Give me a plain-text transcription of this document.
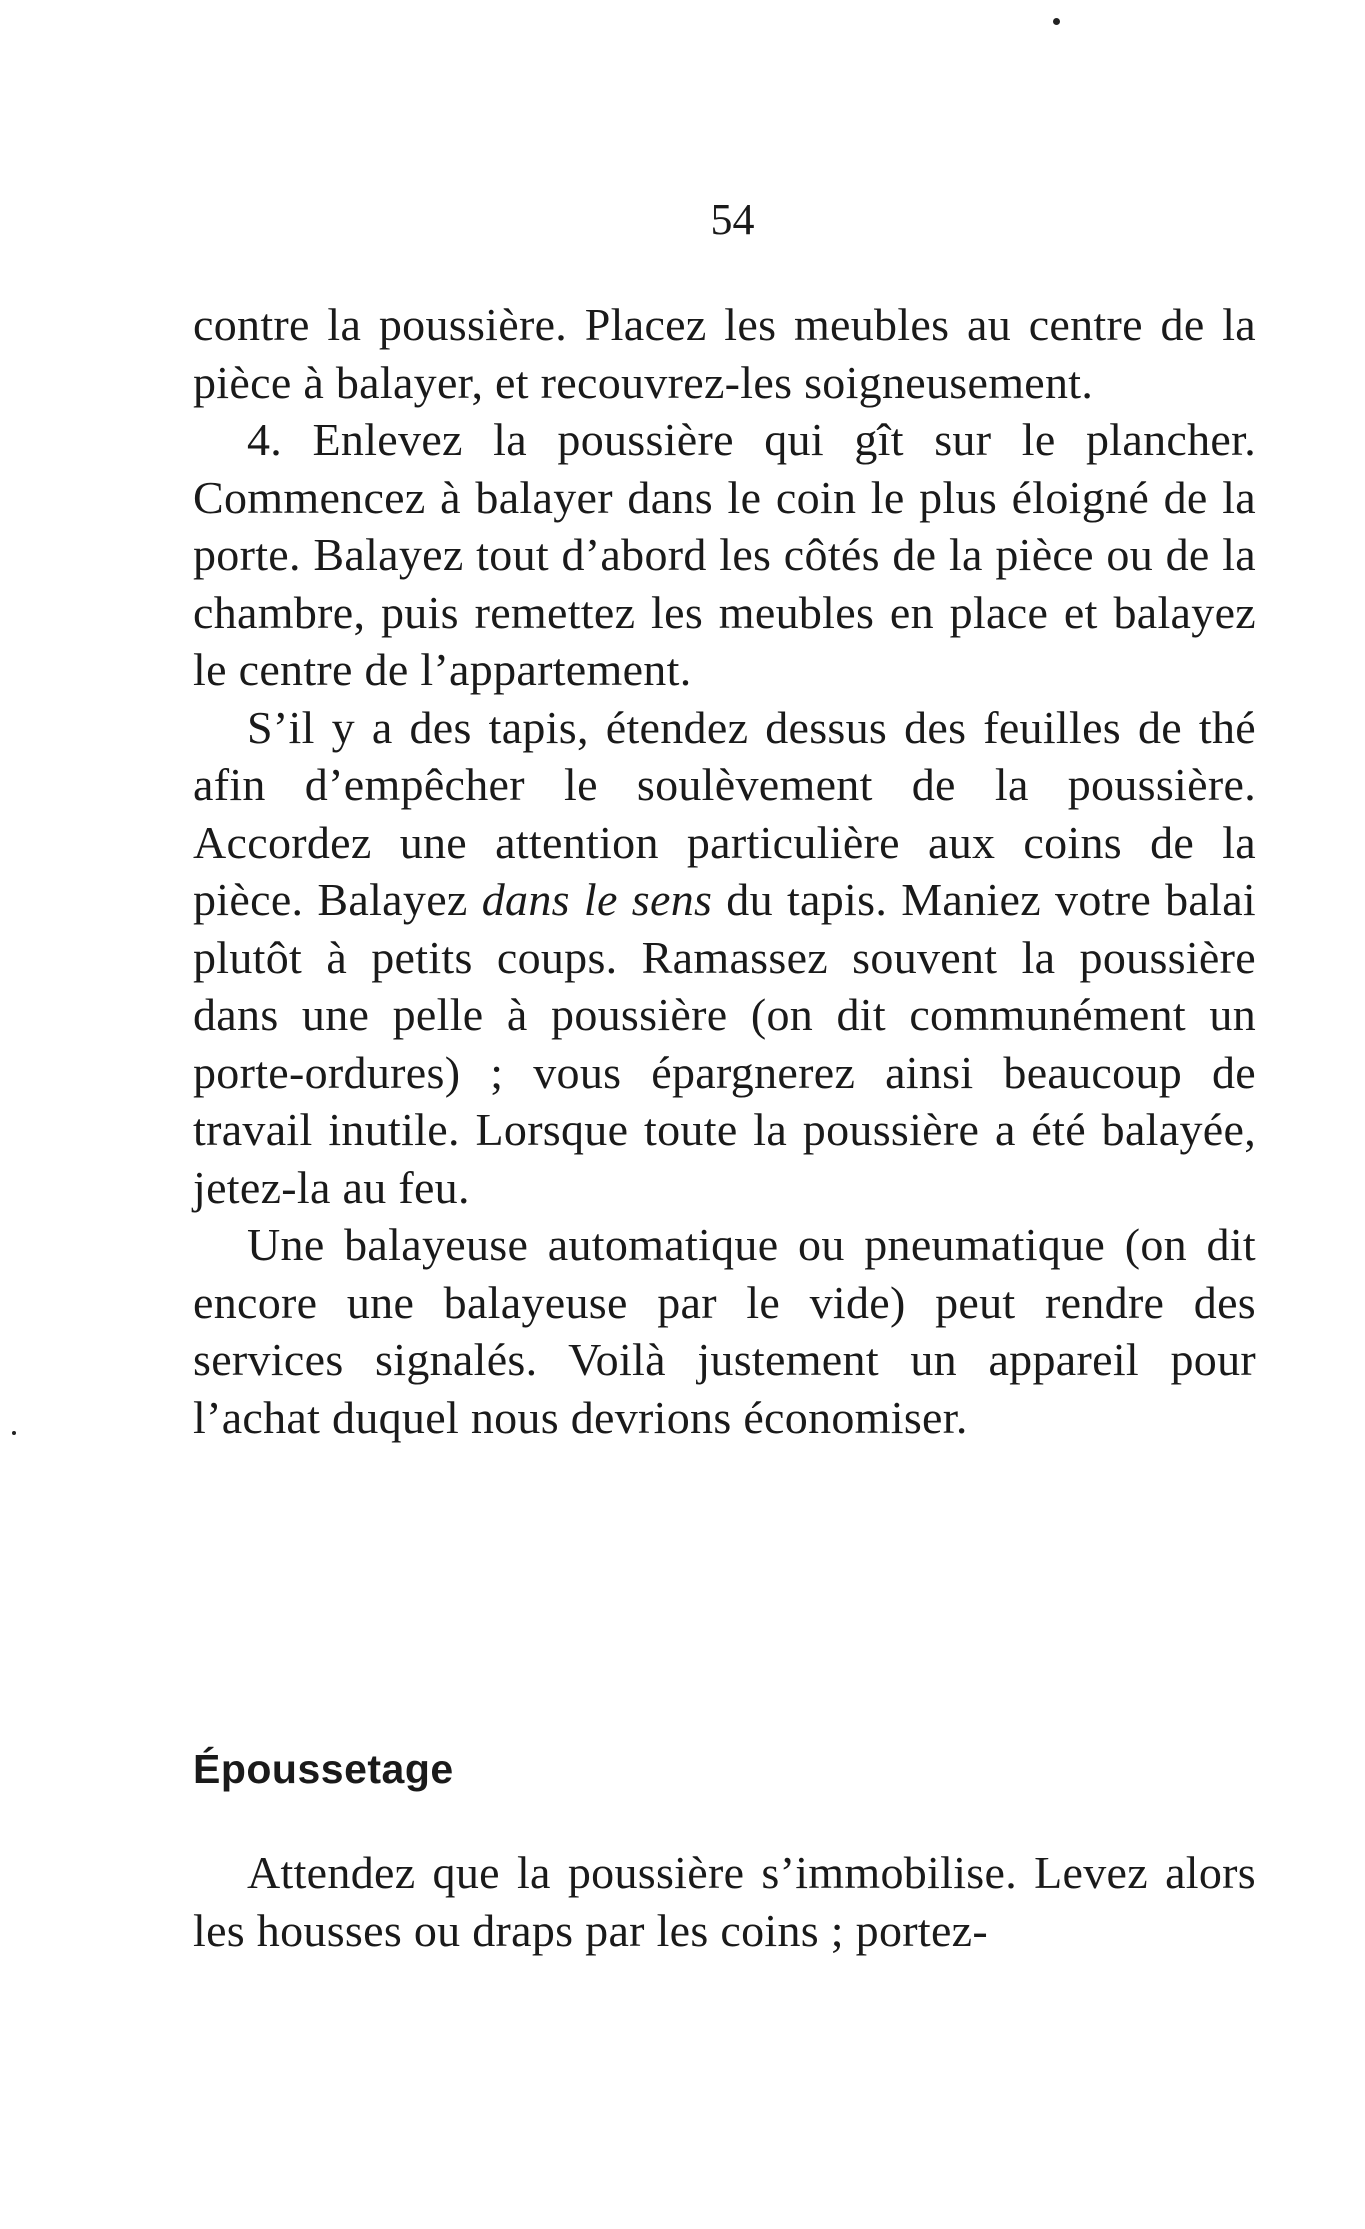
54

contre la poussière. Placez les meubles au centre de la pièce à balayer, et recouvrez-les soigneusement.

4. Enlevez la poussière qui gît sur le plancher. Commencez à balayer dans le coin le plus éloigné de la porte. Balayez tout d’abord les côtés de la pièce ou de la chambre, puis remettez les meubles en place et balayez le centre de l’appartement.

S’il y a des tapis, étendez dessus des feuilles de thé afin d’empêcher le soulèvement de la poussière. Accordez une attention particulière aux coins de la pièce. Balayez dans le sens du tapis. Maniez votre balai plutôt à petits coups. Ramassez souvent la poussière dans une pelle à poussière (on dit communément un porte-ordures) ; vous épargnerez ainsi beaucoup de travail inutile. Lorsque toute la poussière a été balayée, jetez-la au feu.

Une balayeuse automatique ou pneumatique (on dit encore une balayeuse par le vide) peut rendre des services signalés. Voilà justement un appareil pour l’achat duquel nous devrions économiser.

Époussetage

Attendez que la poussière s’immobilise. Levez alors les housses ou draps par les coins ; portez-
